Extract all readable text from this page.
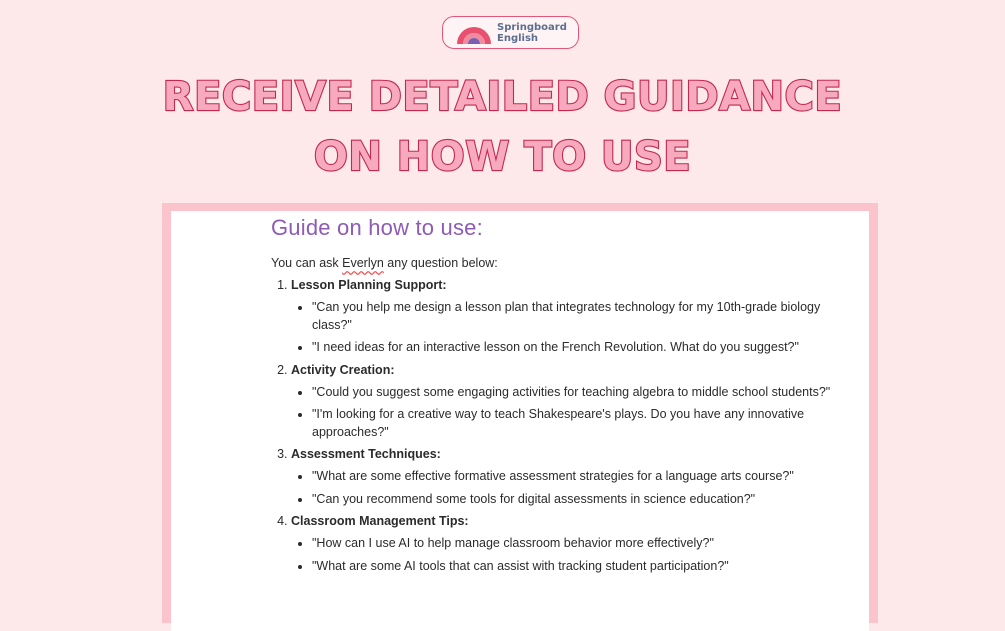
Springboard
English
RECEIVE DETAILED GUIDANCE
ON HOW TO USE
Guide on how to use:
You can ask Everlyn any question below:
1. Lesson Planning Support:
• "Can you help me design a lesson plan that integrates technology for my 10th-grade biology class?"
• "I need ideas for an interactive lesson on the French Revolution. What do you suggest?"
2. Activity Creation:
• "Could you suggest some engaging activities for teaching algebra to middle school students?"
• "I'm looking for a creative way to teach Shakespeare's plays. Do you have any innovative approaches?"
3. Assessment Techniques:
• "What are some effective formative assessment strategies for a language arts course?"
• "Can you recommend some tools for digital assessments in science education?"
4. Classroom Management Tips:
• "How can I use AI to help manage classroom behavior more effectively?"
• "What are some AI tools that can assist with tracking student participation?"
